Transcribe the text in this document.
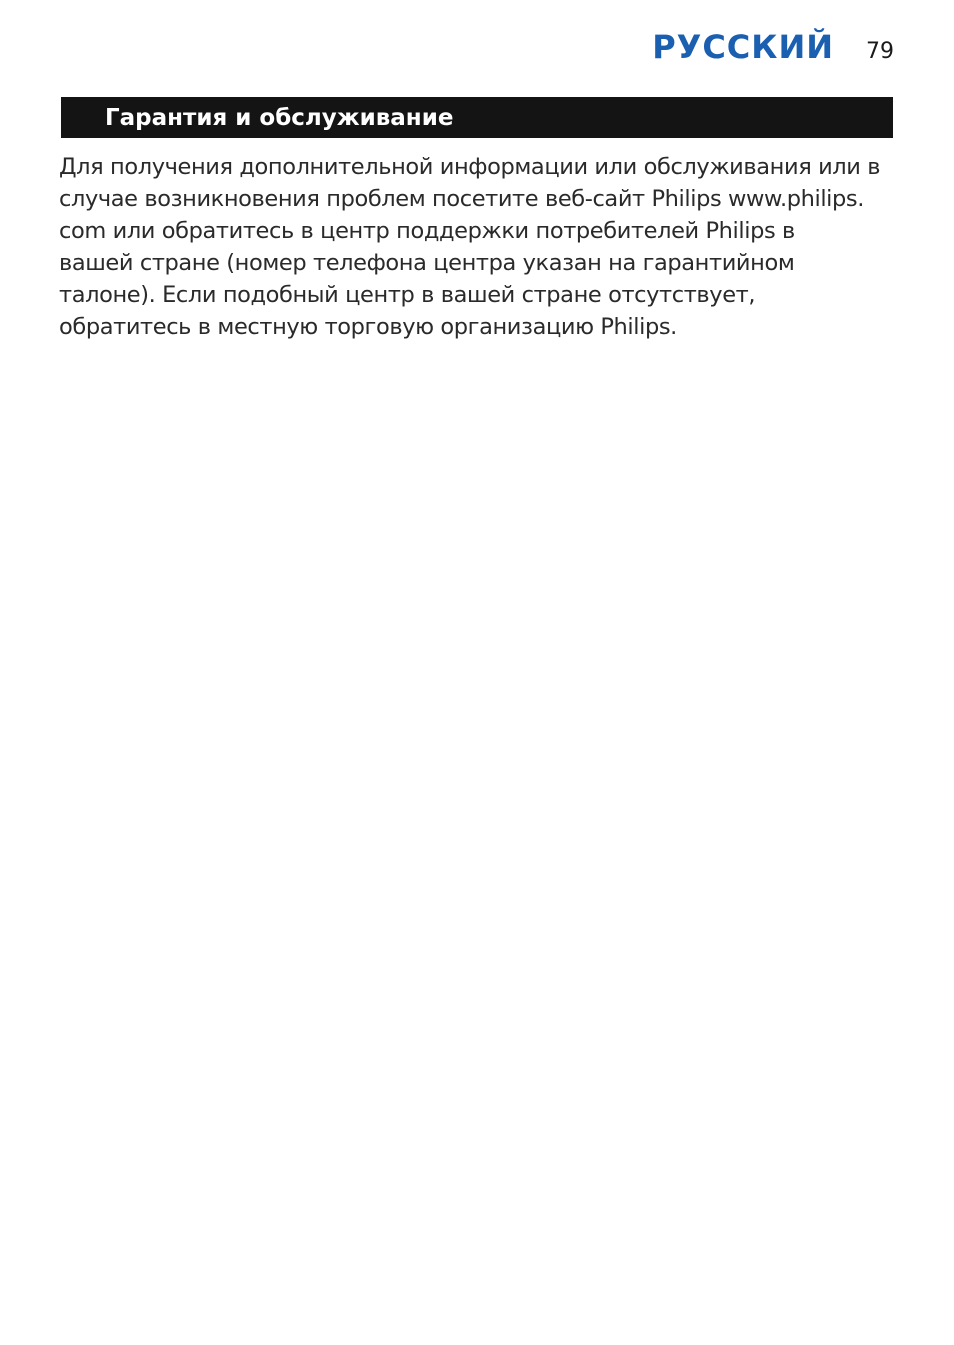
РУССКИЙ 79
Гарантия и обслуживание

Для получения дополнительной информации или обслуживания или в
случае возникновения проблем посетите веб-сайт Philips www.philips.
com или обратитесь в центр поддержки потребителей Philips в
вашей стране (номер телефона центра указан на гарантийном
талоне). Если подобный центр в вашей стране отсутствует,
обратитесь в местную торговую организацию Philips.
